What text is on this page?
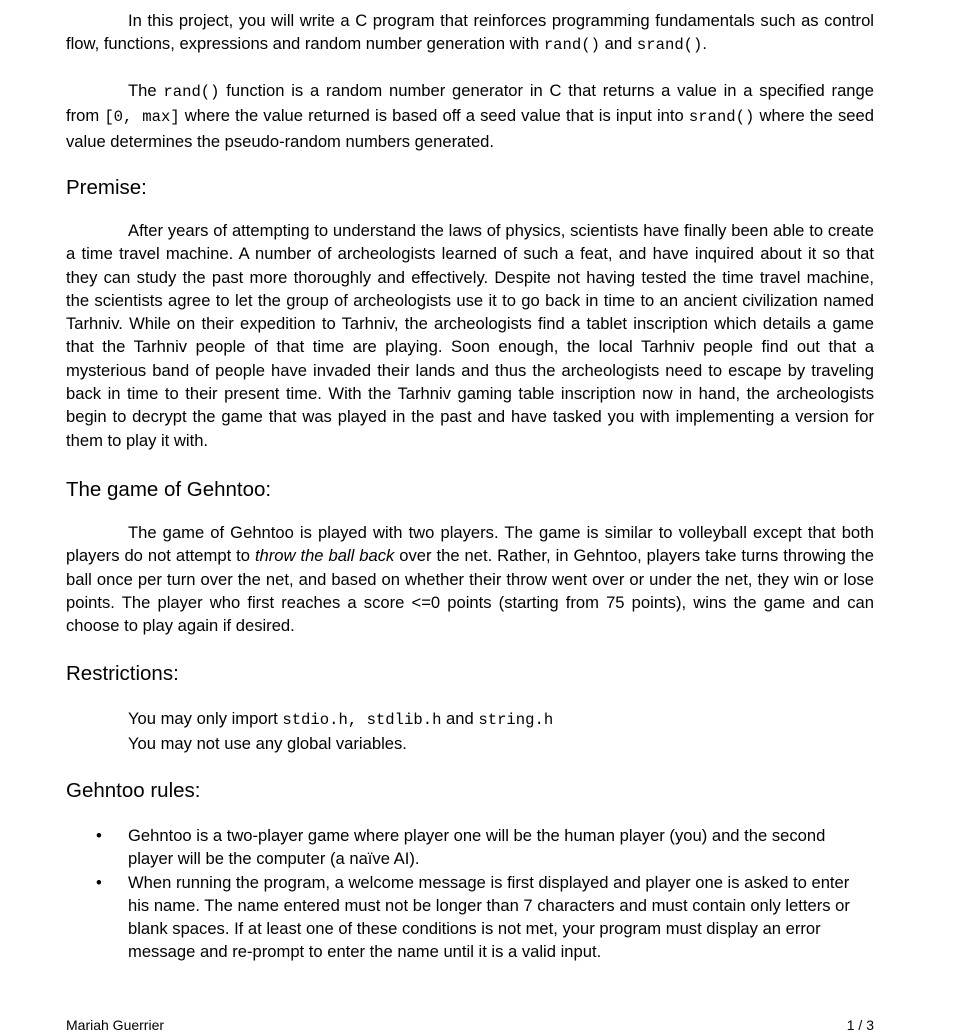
In this project, you will write a C program that reinforces programming fundamentals such as control flow, functions, expressions and random number generation with rand() and srand().

The rand() function is a random number generator in C that returns a value in a specified range from [0, max] where the value returned is based off a seed value that is input into srand() where the seed value determines the pseudo-random numbers generated.

Premise:

After years of attempting to understand the laws of physics, scientists have finally been able to create a time travel machine. A number of archeologists learned of such a feat, and have inquired about it so that they can study the past more thoroughly and effectively. Despite not having tested the time travel machine, the scientists agree to let the group of archeologists use it to go back in time to an ancient civilization named Tarhniv. While on their expedition to Tarhniv, the archeologists find a tablet inscription which details a game that the Tarhniv people of that time are playing. Soon enough, the local Tarhniv people find out that a mysterious band of people have invaded their lands and thus the archeologists need to escape by traveling back in time to their present time. With the Tarhniv gaming table inscription now in hand, the archeologists begin to decrypt the game that was played in the past and have tasked you with implementing a version for them to play it with.

The game of Gehntoo:

The game of Gehntoo is played with two players. The game is similar to volleyball except that both players do not attempt to throw the ball back over the net. Rather, in Gehntoo, players take turns throwing the ball once per turn over the net, and based on whether their throw went over or under the net, they win or lose points. The player who first reaches a score <=0 points (starting from 75 points), wins the game and can choose to play again if desired.

Restrictions:

You may only import stdio.h, stdlib.h and string.h

You may not use any global variables.

Gehntoo rules:
• Gehntoo is a two-player game where player one will be the human player (you) and the second player will be the computer (a naïve AI).
• When running the program, a welcome message is first displayed and player one is asked to enter his name. The name entered must not be longer than 7 characters and must contain only letters or blank spaces. If at least one of these conditions is not met, your program must display an error message and re-prompt to enter the name until it is a valid input.
Mariah Guerrier	1 / 3
